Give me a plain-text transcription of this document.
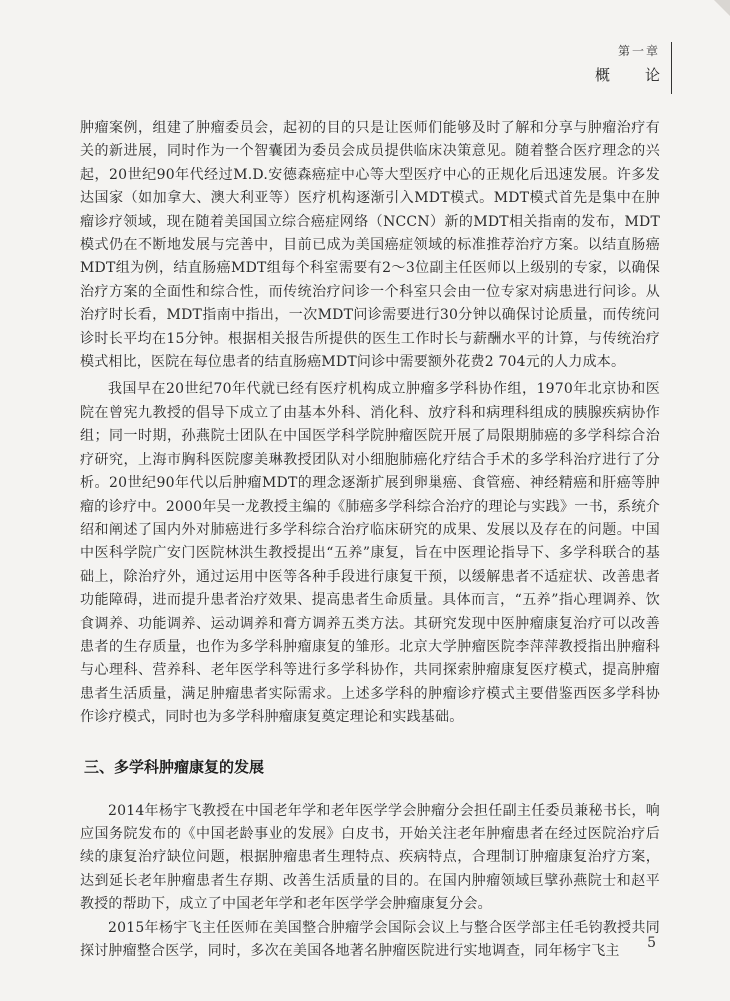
第一章
概　论

肿瘤案例，组建了肿瘤委员会，起初的目的只是让医师们能够及时了解和分享与肿瘤治疗有关的新进展，同时作为一个智囊团为委员会成员提供临床决策意见。随着整合医疗理念的兴起，20世纪90年代经过M.D.安德森癌症中心等大型医疗中心的正规化后迅速发展。许多发达国家（如加拿大、澳大利亚等）医疗机构逐渐引入MDT模式。MDT模式首先是集中在肿瘤诊疗领域，现在随着美国国立综合癌症网络（NCCN）新的MDT相关指南的发布，MDT模式仍在不断地发展与完善中，目前已成为美国癌症领域的标准推荐治疗方案。以结直肠癌MDT组为例，结直肠癌MDT组每个科室需要有2～3位副主任医师以上级别的专家，以确保治疗方案的全面性和综合性，而传统治疗问诊一个科室只会由一位专家对病患进行问诊。从治疗时长看，MDT指南中指出，一次MDT问诊需要进行30分钟以确保讨论质量，而传统问诊时长平均在15分钟。根据相关报告所提供的医生工作时长与薪酬水平的计算，与传统治疗模式相比，医院在每位患者的结直肠癌MDT问诊中需要额外花费2 704元的人力成本。

我国早在20世纪70年代就已经有医疗机构成立肿瘤多学科协作组，1970年北京协和医院在曾宪九教授的倡导下成立了由基本外科、消化科、放疗科和病理科组成的胰腺疾病协作组；同一时期，孙燕院士团队在中国医学科学院肿瘤医院开展了局限期肺癌的多学科综合治疗研究，上海市胸科医院廖美琳教授团队对小细胞肺癌化疗结合手术的多学科治疗进行了分析。20世纪90年代以后肿瘤MDT的理念逐渐扩展到卵巢癌、食管癌、神经精癌和肝癌等肿瘤的诊疗中。2000年吴一龙教授主编的《肺癌多学科综合治疗的理论与实践》一书，系统介绍和阐述了国内外对肺癌进行多学科综合治疗临床研究的成果、发展以及存在的问题。中国中医科学院广安门医院林洪生教授提出“五养”康复，旨在中医理论指导下、多学科联合的基础上，除治疗外，通过运用中医等各种手段进行康复干预，以缓解患者不适症状、改善患者功能障碍，进而提升患者治疗效果、提高患者生命质量。具体而言，“五养”指心理调养、饮食调养、功能调养、运动调养和膏方调养五类方法。其研究发现中医肿瘤康复治疗可以改善患者的生存质量，也作为多学科肿瘤康复的雏形。北京大学肿瘤医院李萍萍教授指出肿瘤科与心理科、营养科、老年医学科等进行多学科协作，共同探索肿瘤康复医疗模式，提高肿瘤患者生活质量，满足肿瘤患者实际需求。上述多学科的肿瘤诊疗模式主要借鉴西医多学科协作诊疗模式，同时也为多学科肿瘤康复奠定理论和实践基础。

三、多学科肿瘤康复的发展

2014年杨宇飞教授在中国老年学和老年医学学会肿瘤分会担任副主任委员兼秘书长，响应国务院发布的《中国老龄事业的发展》白皮书，开始关注老年肿瘤患者在经过医院治疗后续的康复治疗缺位问题，根据肿瘤患者生理特点、疾病特点，合理制订肿瘤康复治疗方案，达到延长老年肿瘤患者生存期、改善生活质量的目的。在国内肿瘤领域巨擘孙燕院士和赵平教授的帮助下，成立了中国老年学和老年医学学会肿瘤康复分会。

2015年杨宇飞主任医师在美国整合肿瘤学会国际会议上与整合医学部主任毛钧教授共同探讨肿瘤整合医学，同时，多次在美国各地著名肿瘤医院进行实地调查，同年杨宇飞主	5
